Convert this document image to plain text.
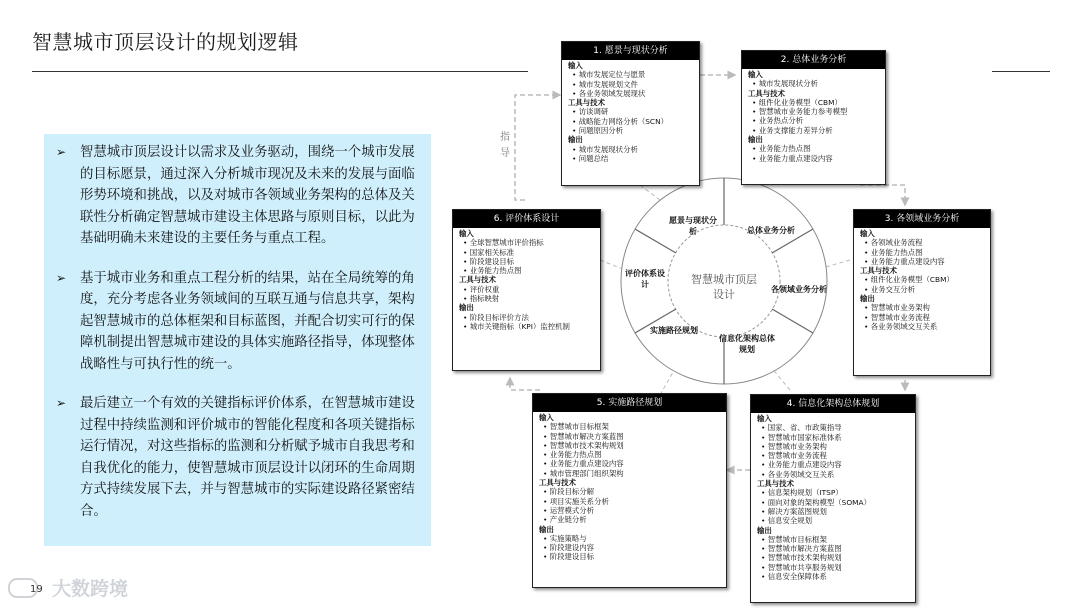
智慧城市顶层设计的规划逻辑
➢	智慧城市顶层设计以需求及业务驱动，围绕一个城市发展的目标愿景，通过深入分析城市现况及未来的发展与面临形势环境和挑战，以及对城市各领域业务架构的总体及关联性分析确定智慧城市建设主体思路与原则目标，以此为基础明确未来建设的主要任务与重点工程。
➢	基于城市业务和重点工程分析的结果，站在全局统筹的角度，充分考虑各业务领域间的互联互通与信息共享，架构起智慧城市的总体框架和目标蓝图，并配合切实可行的保障机制提出智慧城市建设的具体实施路径指导，体现整体战略性与可执行性的统一。
➢	最后建立一个有效的关键指标评价体系，在智慧城市建设过程中持续监测和评价城市的智能化程度和各项关键指标运行情况，对这些指标的监测和分析赋予城市自我思考和自我优化的能力，使智慧城市顶层设计以闭环的生命周期方式持续发展下去，并与智慧城市的实际建设路径紧密结合。
指导
愿景与现状分析	总体业务分析
各领域业务分析
信息化架构总体规划
实施路径规划
评价体系设计	智慧城市顶层设计
1. 愿景与现状分析
输入
• 城市发展定位与愿景
• 城市发展规划文件
• 各业务领域发展现状
工具与技术
• 访谈调研
• 战略能力网络分析（SCN）
• 问题原因分析
输出
• 城市发展现状分析
• 问题总结
2. 总体业务分析
输入
• 城市发展现状分析
工具与技术
• 组件化业务模型（CBM）
• 智慧城市业务能力参考模型
• 业务热点分析
• 业务支撑能力差异分析
输出
• 业务能力热点图
• 业务能力重点建设内容
3. 各领域业务分析
输入
• 各领域业务流程
• 业务能力热点图
• 业务能力重点建设内容
工具与技术
• 组件化业务模型（CBM）
• 业务交互分析
输出
• 智慧城市业务架构
• 智慧城市业务流程
• 各业务领域交互关系
4. 信息化架构总体规划
输入
• 国家、省、市政策指导
• 智慧城市国家标准体系
• 智慧城市业务架构
• 智慧城市业务流程
• 业务能力重点建设内容
• 各业务领域交互关系
工具与技术
• 信息架构规划（ITSP）
• 面向对象的架构模型（SOMA）
• 解决方案蓝图规划
• 信息安全规划
输出
• 智慧城市目标框架
• 智慧城市解决方案蓝图
• 智慧城市技术架构规划
• 智慧城市共享服务规划
• 信息安全保障体系
5. 实施路径规划
输入
• 智慧城市目标框架
• 智慧城市解决方案蓝图
• 智慧城市技术架构规划
• 业务能力热点图
• 业务能力重点建设内容
• 城市管理部门组织架构
工具与技术
• 阶段目标分解
• 项目实施关系分析
• 运营模式分析
• 产业链分析
输出
• 实施策略与
• 阶段建设内容
• 阶段建设目标
6. 评价体系设计
输入
• 全球智慧城市评价指标
• 国家相关标准
• 阶段建设目标
• 业务能力热点图
工具与技术
• 评价权重
• 指标映射
输出
• 阶段目标评价方法
• 城市关键指标（KPI）监控机制
大数跨境
19
